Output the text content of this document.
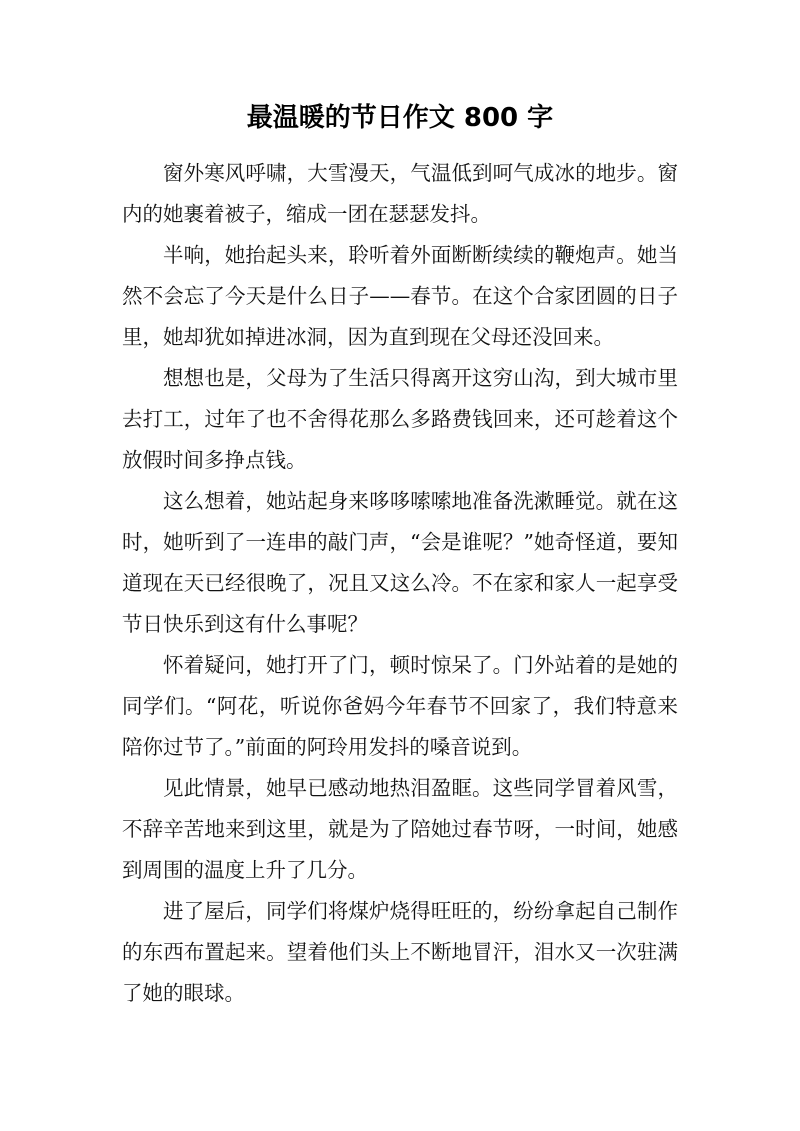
最温暖的节日作文 800 字

窗外寒风呼啸，大雪漫天，气温低到呵气成冰的地步。窗内的她裹着被子，缩成一团在瑟瑟发抖。

半响，她抬起头来，聆听着外面断断续续的鞭炮声。她当然不会忘了今天是什么日子——春节。在这个合家团圆的日子里，她却犹如掉进冰洞，因为直到现在父母还没回来。

想想也是，父母为了生活只得离开这穷山沟，到大城市里去打工，过年了也不舍得花那么多路费钱回来，还可趁着这个放假时间多挣点钱。

这么想着，她站起身来哆哆嗦嗦地准备洗漱睡觉。就在这时，她听到了一连串的敲门声，“会是谁呢？”她奇怪道，要知道现在天已经很晚了，况且又这么冷。不在家和家人一起享受节日快乐到这有什么事呢？

怀着疑问，她打开了门，顿时惊呆了。门外站着的是她的同学们。“阿花，听说你爸妈今年春节不回家了，我们特意来陪你过节了。”前面的阿玲用发抖的嗓音说到。

见此情景，她早已感动地热泪盈眶。这些同学冒着风雪，不辞辛苦地来到这里，就是为了陪她过春节呀，一时间，她感到周围的温度上升了几分。

进了屋后，同学们将煤炉烧得旺旺的，纷纷拿起自己制作的东西布置起来。望着他们头上不断地冒汗，泪水又一次驻满了她的眼球。
